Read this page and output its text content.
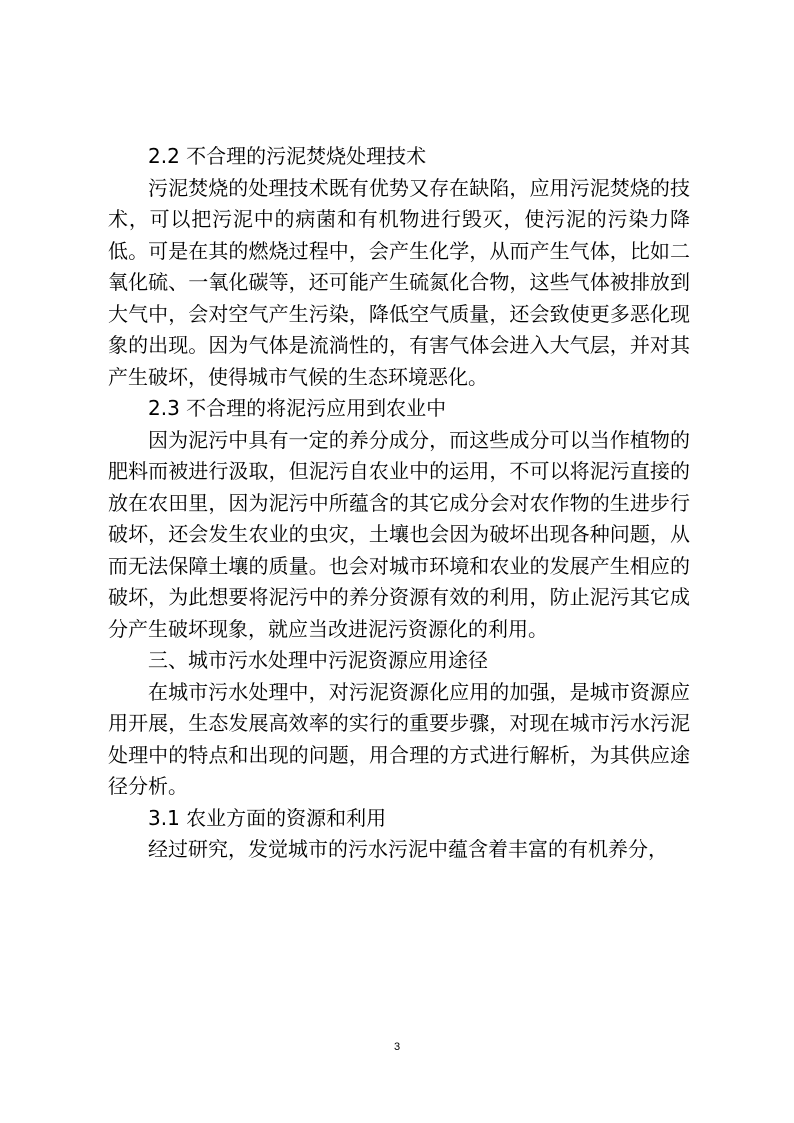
2.2 不合理的污泥焚烧处理技术

污泥焚烧的处理技术既有优势又存在缺陷，应用污泥焚烧的技术，可以把污泥中的病菌和有机物进行毁灭，使污泥的污染力降低。可是在其的燃烧过程中，会产生化学，从而产生气体，比如二氧化硫、一氧化碳等，还可能产生硫氮化合物，这些气体被排放到大气中，会对空气产生污染，降低空气质量，还会致使更多恶化现象的出现。因为气体是流淌性的，有害气体会进入大气层，并对其产生破坏，使得城市气候的生态环境恶化。

2.3 不合理的将泥污应用到农业中

因为泥污中具有一定的养分成分，而这些成分可以当作植物的肥料而被进行汲取，但泥污自农业中的运用，不可以将泥污直接的放在农田里，因为泥污中所蕴含的其它成分会对农作物的生进步行破坏，还会发生农业的虫灾，土壤也会因为破坏出现各种问题，从而无法保障土壤的质量。也会对城市环境和农业的发展产生相应的破坏，为此想要将泥污中的养分资源有效的利用，防止泥污其它成分产生破坏现象，就应当改进泥污资源化的利用。

三、城市污水处理中污泥资源应用途径

在城市污水处理中，对污泥资源化应用的加强，是城市资源应用开展，生态发展高效率的实行的重要步骤，对现在城市污水污泥处理中的特点和出现的问题，用合理的方式进行解析，为其供应途径分析。

3.1 农业方面的资源和利用

经过研究，发觉城市的污水污泥中蕴含着丰富的有机养分，

3
